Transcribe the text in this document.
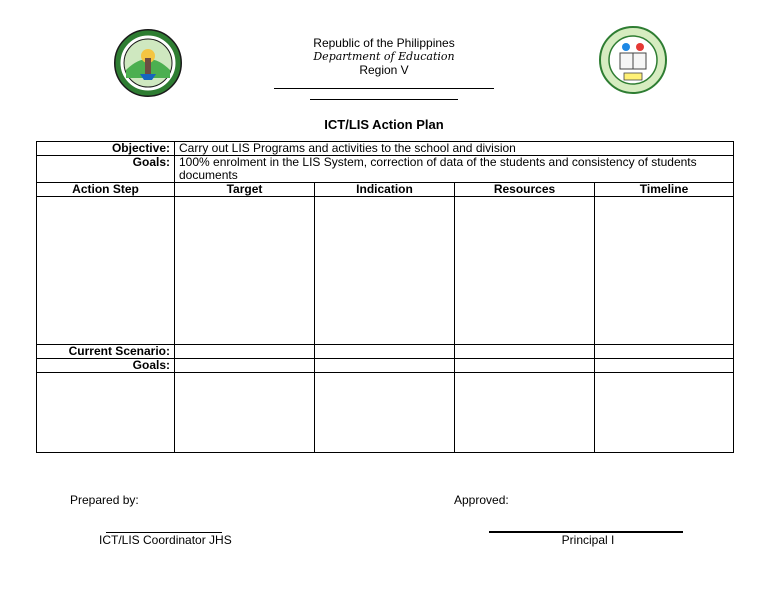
Republic of the Philippines
Department of Education
Region V
ICT/LIS Action Plan
Objective:	Carry out LIS Programs and activities to the school and division			
Goals:	100% enrolment in the LIS System, correction of data of the students and consistency of students documents			
Action Step	Target	Indication	Resources	Timeline

Current Scenario:				
Goals:				

Prepared by:
ICT/LIS Coordinator JHS
Approved:
Principal I
